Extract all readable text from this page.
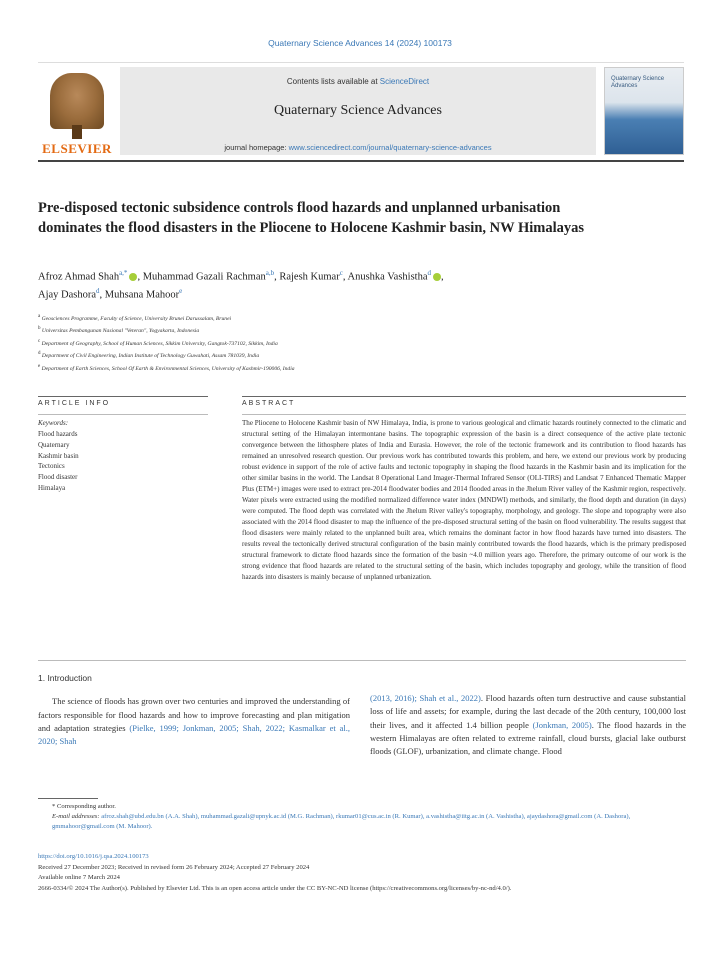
Quaternary Science Advances 14 (2024) 100173
ELSEVIER
Contents lists available at ScienceDirect
Quaternary Science Advances
journal homepage: www.sciencedirect.com/journal/quaternary-science-advances
Quaternary Science Advances
Pre-disposed tectonic subsidence controls flood hazards and unplanned urbanisation dominates the flood disasters in the Pliocene to Holocene Kashmir basin, NW Himalayas
Afroz Ahmad Shah$^{a,*}$ , Muhammad Gazali Rachman$^{a,b}$, Rajesh Kumar$^c$, Anushka Vashistha$^d$ ,
Ajay Dashora$^d$, Muhsana Mahoor$^e$
$^a$ Geosciences Programme, Faculty of Science, University Brunei Darussalam, Brunei
$^b$ Universitas Pembangunan Nasional "Veteran", Yogyakarta, Indonesia
$^c$ Department of Geography, School of Human Sciences, Sikkim University, Gangtok-737102, Sikkim, India
$^d$ Department of Civil Engineering, Indian Institute of Technology Guwahati, Assam 781039, India
$^e$ Department of Earth Sciences, School Of Earth & Environmental Sciences, University of Kashmir-190006, India
ARTICLE INFO	ABSTRACT
Keywords:
Flood hazards
Quaternary
Kashmir basin
Tectonics
Flood disaster
Himalaya
The Pliocene to Holocene Kashmir basin of NW Himalaya, India, is prone to various geological and climatic hazards routinely connected to the climatic and structural setting of the Himalayan intermontane basins. The topographic expression of the basin is a direct consequence of the active plate tectonic convergence between the lithosphere plates of India and Eurasia. However, the role of the tectonic framework and its contribution to flood hazards has remained an unresolved research question. Our previous work has contributed towards this problem, and here, we extend our previous work by producing robust evidence in support of the role of active faults and tectonic topography in shaping the flood hazards in the Kashmir basin and its implication for the other similar basins in the world. The Landsat 8 Operational Land Imager-Thermal Infrared Sensor (OLI-TIRS) and Landsat 7 Enhanced Thematic Mapper Plus (ETM+) images were used to extract pre-2014 floodwater bodies and 2014 flooded areas in the Jhelum River valley of the Kashmir region, respectively. Water pixels were extracted using the modified normalized difference water index (MNDWI) methods, and similarly, the flood depth and duration (in days) were computed. The flood depth was correlated with the Jhelum River valley's topography, morphology, and geology. The slope and topography were also associated with the 2014 flood disaster to map the influence of the pre-disposed structural setting of the basin on flood vulnerability. The results suggest that flood disasters were mainly related to the unplanned built area, which remains the dominant factor in how flood hazards have turned into disasters. The results reveal the tectonically derived structural configuration of the basin mainly contributed towards the flood hazards, which is the primary predisposed structural framework to dictate flood hazards since the formation of the basin ~4.0 million years ago. Therefore, the primary outcome of our work is the strong evidence that flood hazards are related to the structural setting of the basin, which includes topography and geology, while the transition of flood hazards into disasters is mainly because of unplanned urbanization.
1. Introduction

The science of floods has grown over two centuries and improved the understanding of factors responsible for flood hazards and how to improve forecasting and plan mitigation and adaptation strategies (Pielke, 1999; Jonkman, 2005; Shah, 2022; Kasmalkar et al., 2020; Shah

(2013, 2016); Shah et al., 2022). Flood hazards often turn destructive and cause substantial loss of life and assets; for example, during the last decade of the 20th century, 100,000 lost their lives, and it affected 1.4 billion people (Jonkman, 2005). The flood hazards in the western Himalayas are often related to extreme rainfall, cloud bursts, glacial lake outburst floods (GLOF), urbanization, and climate change. Flood
* Corresponding author.
E-mail addresses: afroz.shah@ubd.edu.bn (A.A. Shah), muhammad.gazali@upnyk.ac.id (M.G. Rachman), rkumar01@cus.ac.in (R. Kumar), a.vashistha@iitg.ac.in (A. Vashistha), ajaydashora@gmail.com (A. Dashora), gmmahoor@gmail.com (M. Mahoor).
https://doi.org/10.1016/j.qsa.2024.100173
Received 27 December 2023; Received in revised form 26 February 2024; Accepted 27 February 2024
Available online 7 March 2024
2666-0334/© 2024 The Author(s). Published by Elsevier Ltd. This is an open access article under the CC BY-NC-ND license (https://creativecommons.org/licenses/by-nc-nd/4.0/).
